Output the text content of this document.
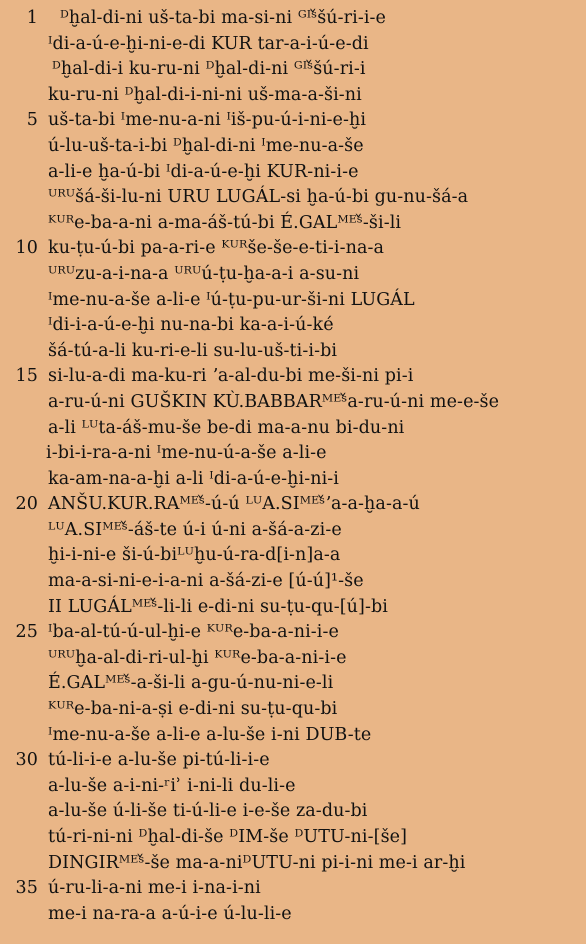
1 ᴰḫal-di-ni uš-ta-bi ma-si-ni ᴳᴵˢ̌šú-ri-i-e
ᴵdi-a-ú-e-ḫi-ni-e-di KUR tar-a-i-ú-e-di
ᴰḫal-di-i ku-ru-ni ᴰḫal-di-ni ᴳᴵˢ̌šú-ri-i
ku-ru-ni ᴰḫal-di-i-ni-ni uš-ma-a-ši-ni
5 uš-ta-bi ᴵme-nu-a-ni ᴵiš-pu-ú-i-ni-e-ḫi
ú-lu-uš-ta-i-bi ᴰḫal-di-ni ᴵme-nu-a-še
a-li-e ḫa-ú-bi ᴵdi-a-ú-e-ḫi KUR-ni-i-e
ᵁᴿᵁšá-ši-lu-ni URU LUGÁL-si ḫa-ú-bi gu-nu-šá-a
ᴷᵁᴿe-ba-a-ni a-ma-áš-tú-bi É.GALᴹᴱˢ̌-ši-li
10 ku-ṭu-ú-bi pa-a-ri-e ᴷᵁᴿše-še-e-ti-i-na-a
ᵁᴿᵁzu-a-i-na-a ᵁᴿᵁú-ṭu-ḫa-a-i a-su-ni
ᴵme-nu-a-še a-li-e ᴵú-ṭu-pu-ur-ši-ni LUGÁL
ᴵdi-i-a-ú-e-ḫi nu-na-bi ka-a-i-ú-ké
šá-tú-a-li ku-ri-e-li su-lu-uš-ti-i-bi
15 si-lu-a-di ma-ku-ri ʼa-al-du-bi me-ši-ni pi-i
a-ru-ú-ni GUŠKIN KÙ.BABBARᴹᴱˢ̌a-ru-ú-ni me-e-še
a-li ᴸᵁta-áš-mu-še be-di ma-a-nu bi-du-ni
i-bi-i-ra-a-ni ᴵme-nu-ú-a-še a-li-e
ka-am-na-a-ḫi a-li ᴵdi-a-ú-e-ḫi-ni-i
20 ANŠU.KUR.RAᴹᴱˢ̌-ú-ú ᴸᵁA.SIᴹᴱˢ̌ʼa-a-ḫa-a-ú
ᴸᵁA.SIᴹᴱˢ̌-áš-te ú-i ú-ni a-šá-a-zi-e
ḫi-i-ni-e ši-ú-biᴸᵁḫu-ú-ra-d[i-n]a-a
ma-a-si-ni-e-i-a-ni a-šá-zi-e [ú-ú]¹-še
II LUGÁLᴹᴱˢ̌-li-li e-di-ni su-ṭu-qu-[ú]-bi
25 ᴵba-al-tú-ú-ul-ḫi-e ᴷᵁᴿe-ba-a-ni-i-e
ᵁᴿᵁḫa-al-di-ri-ul-ḫi ᴷᵁᴿe-ba-a-ni-i-e
É.GALᴹᴱˢ̌-a-ši-li a-gu-ú-nu-ni-e-li
ᴷᵁᴿe-ba-ni-a-ṣi e-di-ni su-ṭu-qu-bi
ᴵme-nu-a-še a-li-e a-lu-še i-ni DUB-te
30 tú-li-i-e a-lu-še pi-tú-li-i-e
a-lu-še a-i-ni-ʳiʾ i-ni-li du-li-e
a-lu-še ú-li-še ti-ú-li-e i-e-še za-du-bi
tú-ri-ni-ni ᴰḫal-di-še ᴰIM-še ᴰUTU-ni-[še]
DINGIRᴹᴱˢ̌-še ma-a-niᴰUTU-ni pi-i-ni me-i ar-ḫi
35 ú-ru-li-a-ni me-i i-na-i-ni
me-i na-ra-a a-ú-i-e ú-lu-li-e
